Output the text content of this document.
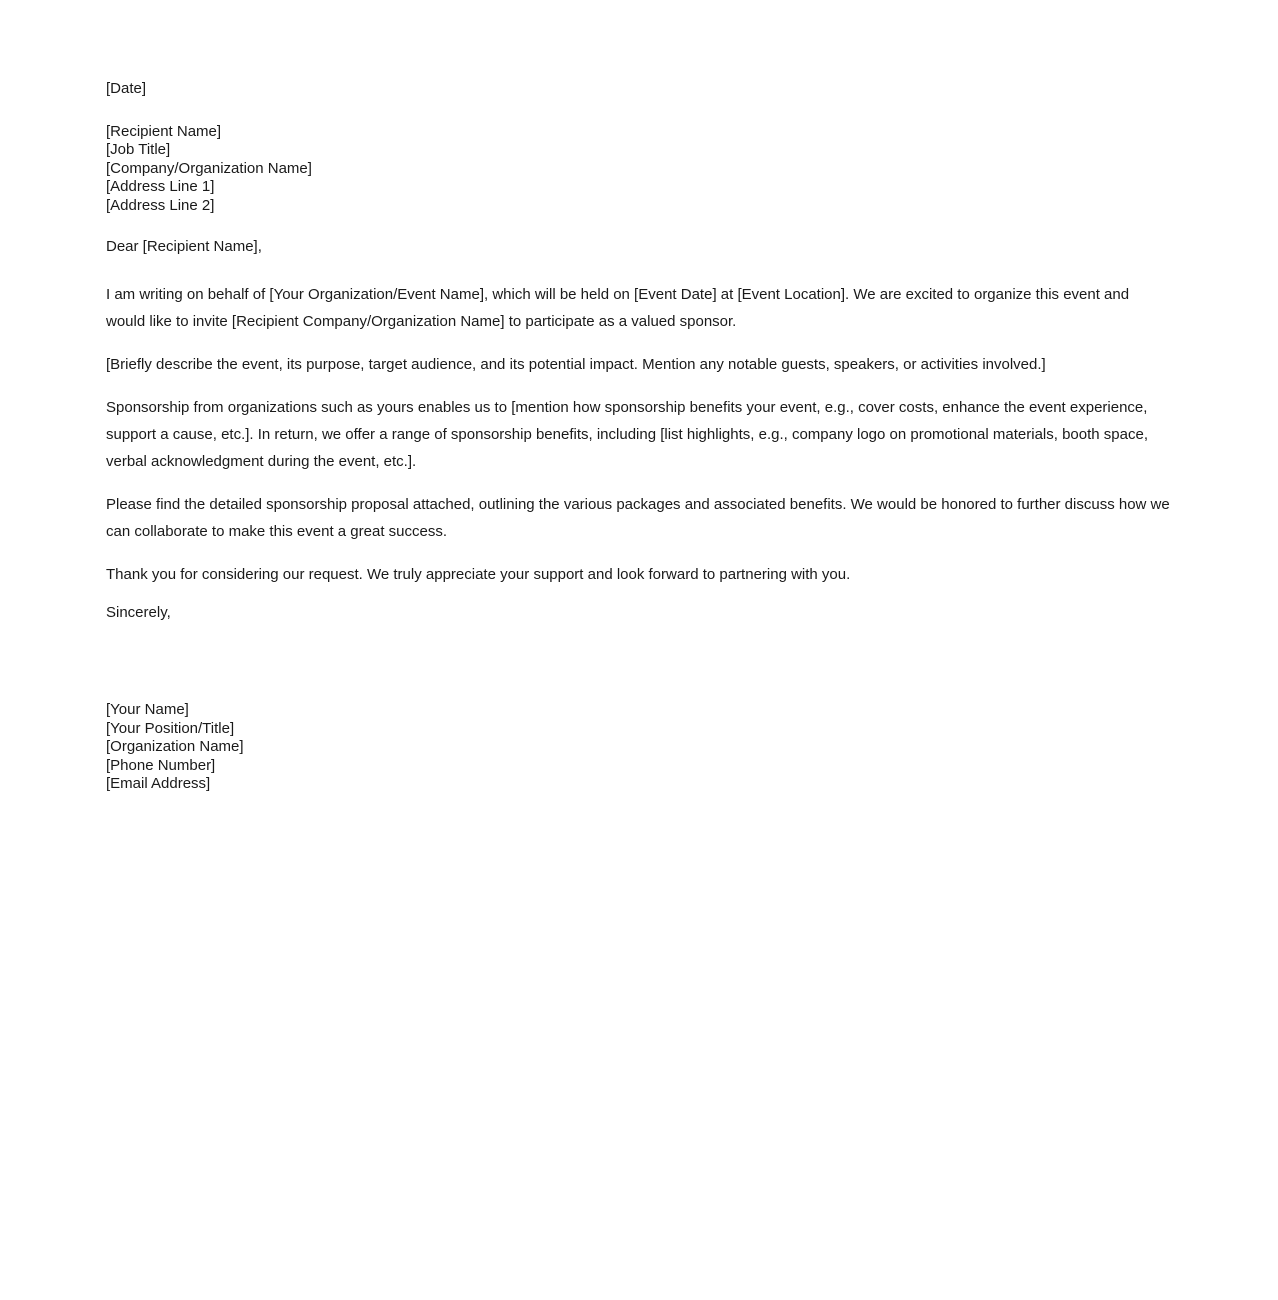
[Date]
[Recipient Name]
[Job Title]
[Company/Organization Name]
[Address Line 1]
[Address Line 2]
Dear [Recipient Name],

I am writing on behalf of [Your Organization/Event Name], which will be held on [Event Date] at [Event Location]. We are excited to organize this event and would like to invite [Recipient Company/Organization Name] to participate as a valued sponsor.

[Briefly describe the event, its purpose, target audience, and its potential impact. Mention any notable guests, speakers, or activities involved.]

Sponsorship from organizations such as yours enables us to [mention how sponsorship benefits your event, e.g., cover costs, enhance the event experience, support a cause, etc.]. In return, we offer a range of sponsorship benefits, including [list highlights, e.g., company logo on promotional materials, booth space, verbal acknowledgment during the event, etc.].

Please find the detailed sponsorship proposal attached, outlining the various packages and associated benefits. We would be honored to further discuss how we can collaborate to make this event a great success.

Thank you for considering our request. We truly appreciate your support and look forward to partnering with you.

Sincerely,
[Your Name]
[Your Position/Title]
[Organization Name]
[Phone Number]
[Email Address]
